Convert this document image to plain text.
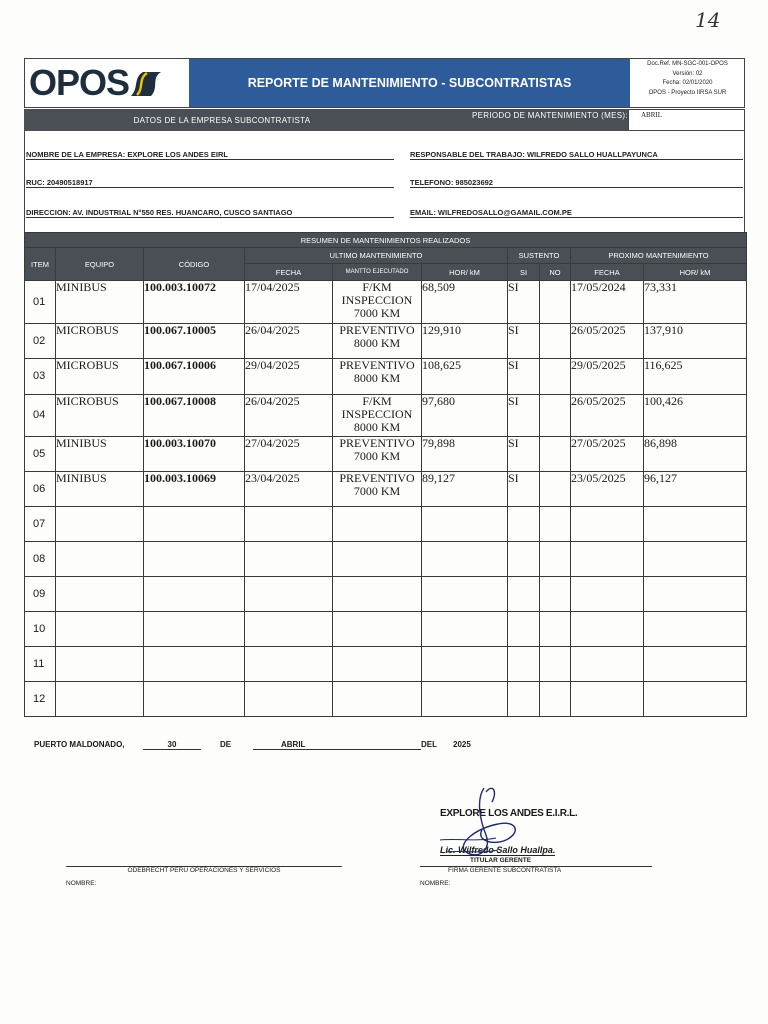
14
OPOS	REPORTE DE MANTENIMIENTO - SUBCONTRATISTAS
Doc.Ref. MN-SGC-001-OPOS
Versión: 02
Fecha: 02/01/2020
OPOS - Proyecto IIRSA SUR
DATOS DE LA EMPRESA SUBCONTRATISTA	PERIODO DE MANTENIMIENTO (MES):	ABRIL
NOMBRE DE LA EMPRESA: EXPLORE LOS ANDES EIRL	RESPONSABLE DEL TRABAJO: WILFREDO SALLO HUALLPAYUNCA
RUC: 20490518917	TELEFONO: 985023692
DIRECCION: AV. INDUSTRIAL N°550 RES. HUANCARO, CUSCO SANTIAGO	EMAIL: WILFREDOSALLO@GAMAIL.COM.PE
RESUMEN DE MANTENIMIENTOS REALIZADOS									
ITEM	EQUIPO	CÓDIGO	ULTIMO MANTENIMIENTO			SUSTENTO		PROXIMO MANTENIMIENTO	
			FECHA	MANTTO EJECUTADO	HOR/ kM	SI	NO	FECHA	HOR/ kM
01	MINIBUS	100.003.10072	17/04/2025	F/KM INSPECCION 7000 KM	68,509	SI		17/05/2024	73,331
02	MICROBUS	100.067.10005	26/04/2025	PREVENTIVO 8000 KM	129,910	SI		26/05/2025	137,910
03	MICROBUS	100.067.10006	29/04/2025	PREVENTIVO 8000 KM	108,625	SI		29/05/2025	116,625
04	MICROBUS	100.067.10008	26/04/2025	F/KM INSPECCION 8000 KM	97,680	SI		26/05/2025	100,426
05	MINIBUS	100.003.10070	27/04/2025	PREVENTIVO 7000 KM	79,898	SI		27/05/2025	86,898
06	MINIBUS	100.003.10069	23/04/2025	PREVENTIVO 7000 KM	89,127	SI		23/05/2025	96,127
07									
08									
09									
10									
11									
12									
PUERTO MALDONADO,	30	DE	ABRIL	DEL 2025
ODEBRECHT PERÚ OPERACIONES Y SERVICIOS
NOMBRE:
EXPLORE LOS ANDES E.I.R.L.
Lic. Wilfredo Sallo Huallpa.
TITULAR GERENTE
FIRMA GERENTE SUBCONTRATISTA
NOMBRE:
